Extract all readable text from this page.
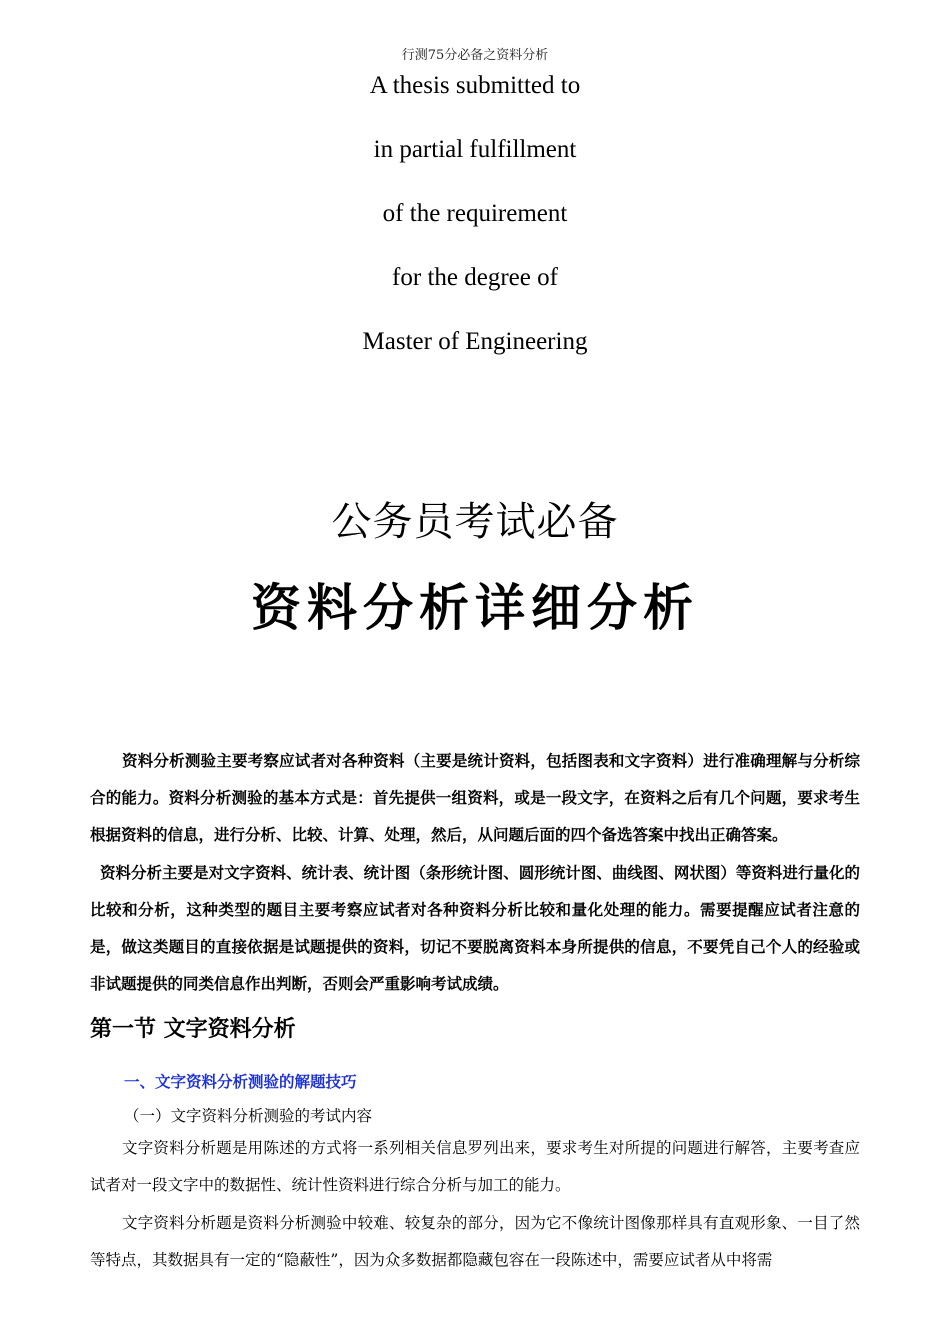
行测75分必备之资料分析
A thesis submitted to
in partial fulfillment
of the requirement
for the degree of
Master of Engineering
公务员考试必备
资料分析详细分析

资料分析测验主要考察应试者对各种资料（主要是统计资料，包括图表和文字资料）进行准确理解与分析综合的能力。资料分析测验的基本方式是：首先提供一组资料，或是一段文字，在资料之后有几个问题，要求考生根据资料的信息，进行分析、比较、计算、处理，然后，从问题后面的四个备选答案中找出正确答案。

资料分析主要是对文字资料、统计表、统计图（条形统计图、圆形统计图、曲线图、网状图）等资料进行量化的比较和分析，这种类型的题目主要考察应试者对各种资料分析比较和量化处理的能力。需要提醒应试者注意的是，做这类题目的直接依据是试题提供的资料，切记不要脱离资料本身所提供的信息，不要凭自己个人的经验或非试题提供的同类信息作出判断，否则会严重影响考试成绩。

第一节 文字资料分析

一、文字资料分析测验的解题技巧

（一）文字资料分析测验的考试内容

文字资料分析题是用陈述的方式将一系列相关信息罗列出来，要求考生对所提的问题进行解答，主要考查应试者对一段文字中的数据性、统计性资料进行综合分析与加工的能力。

文字资料分析题是资料分析测验中较难、较复杂的部分，因为它不像统计图像那样具有直观形象、一目了然等特点，其数据具有一定的“隐蔽性”，因为众多数据都隐藏包容在一段陈述中，需要应试者从中将需
